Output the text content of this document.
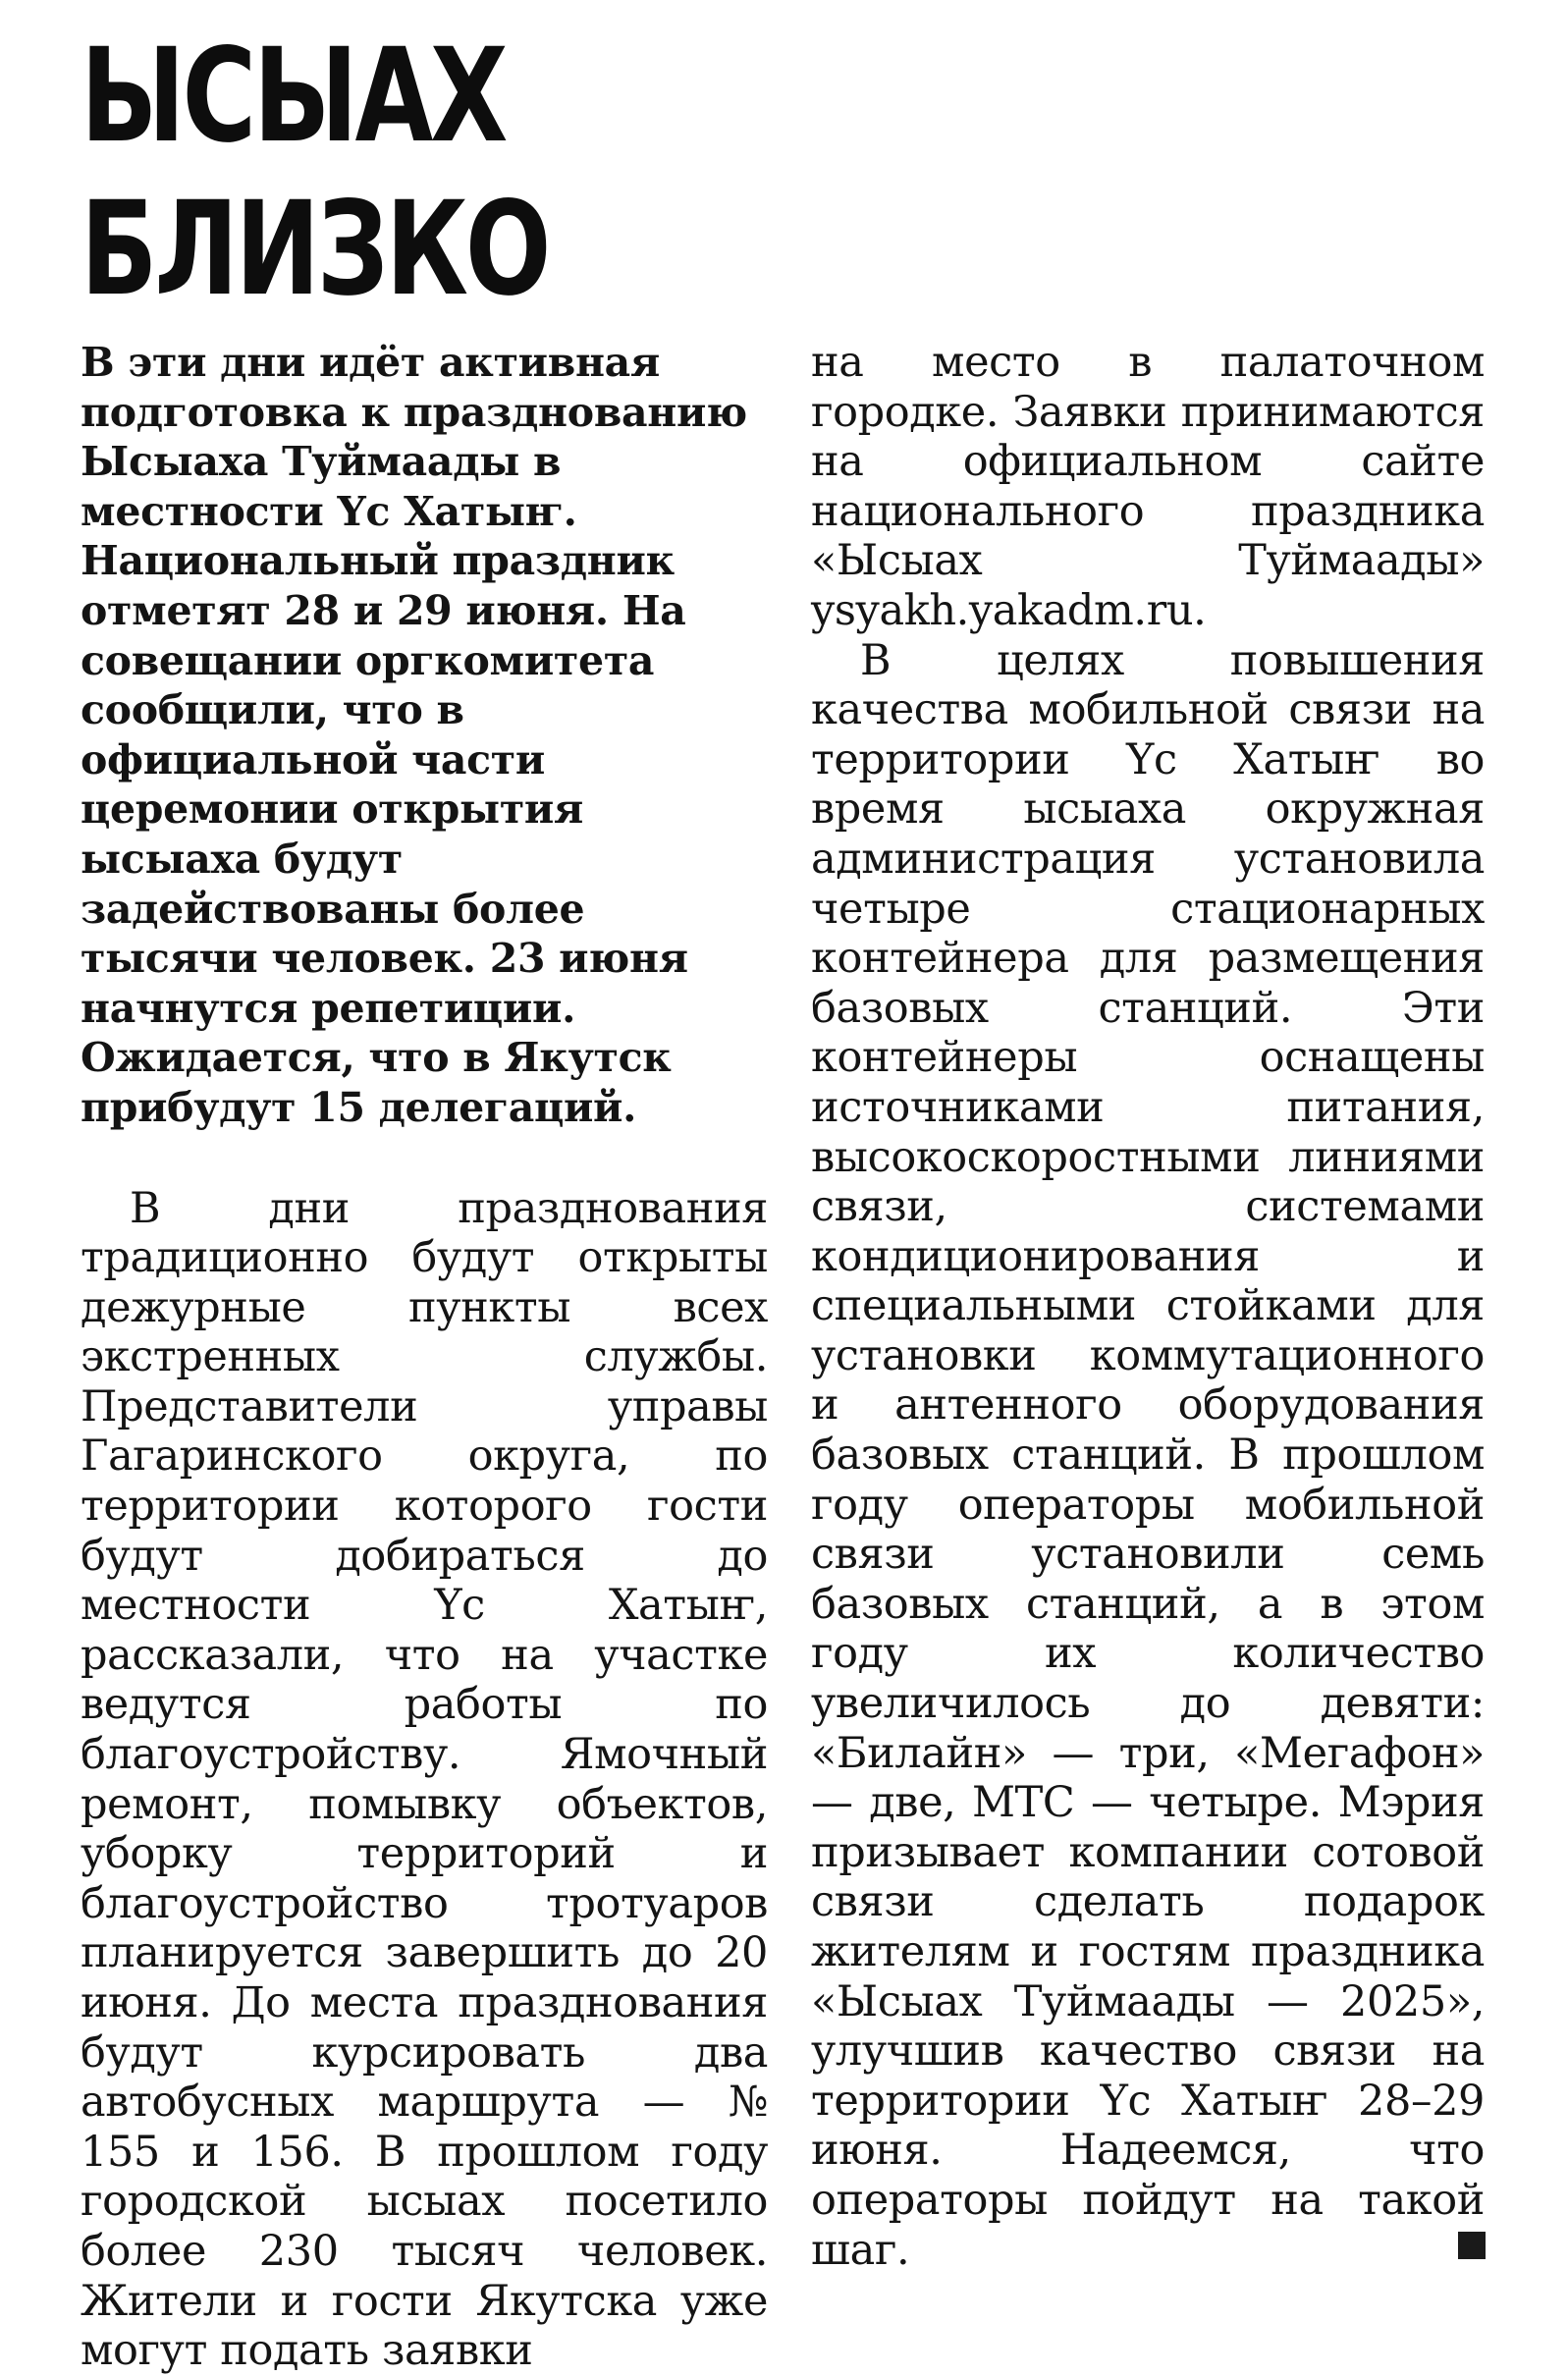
ЫСЫАХ
БЛИЗКО

В эти дни идёт активная подготовка к празднованию Ысыаха Туймаады в местности Үс Хатыҥ. Национальный праздник отметят 28 и 29 июня. На совещании оргкомитета сообщили, что в официальной части церемонии открытия ысыаха будут задействованы более тысячи человек. 23 июня начнутся репетиции. Ожидается, что в Якутск прибудут 15 делегаций.

В дни празднования традиционно будут открыты дежурные пункты всех экстренных службы. Представители управы Гагаринского округа, по территории которого гости будут добираться до местности Үс Хатыҥ, рассказали, что на участке ведутся работы по благоустройству. Ямочный ремонт, помывку объектов, уборку территорий и благоустройство тротуаров планируется завершить до 20 июня. До места празднования будут курсировать два автобусных маршрута — № 155 и 156. В прошлом году городской ысыах посетило более 230 тысяч человек. Жители и гости Якутска уже могут подать заявки

на место в палаточном городке. Заявки принимаются на официальном сайте национального праздника «Ысыах Туймаады» ysyakh.yakadm.ru.

В целях повышения качества мобильной связи на территории Үс Хатыҥ во время ысыаха окружная администрация установила четыре стационарных контейнера для размещения базовых станций. Эти контейнеры оснащены источниками питания, высокоскоростными линиями связи, системами кондиционирования и специальными стойками для установки коммутационного и антенного оборудования базовых станций. В прошлом году операторы мобильной связи установили семь базовых станций, а в этом году их количество увеличилось до девяти: «Билайн» — три, «Мегафон» — две, МТС — четыре. Мэрия призывает компании сотовой связи сделать подарок жителям и гостям праздника «Ысыах Туймаады — 2025», улучшив качество связи на территории Үс Хатыҥ 28–29 июня. Надеемся, что операторы пойдут на такой шаг.
